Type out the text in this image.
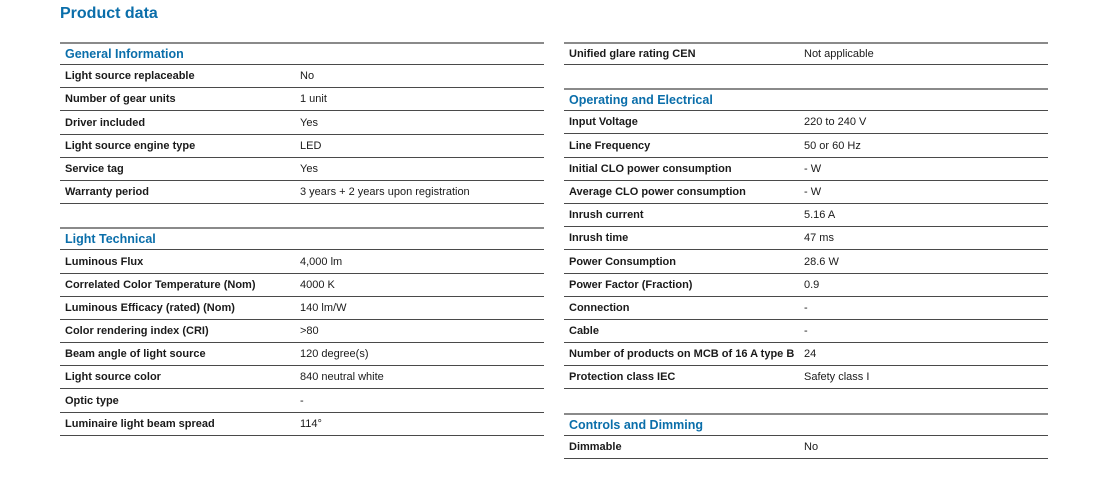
Product data
General Information
Light source replaceable	No
Number of gear units	1 unit
Driver included	Yes
Light source engine type	LED
Service tag	Yes
Warranty period	3 years + 2 years upon registration
Light Technical
Luminous Flux	4,000 lm
Correlated Color Temperature (Nom)	4000 K
Luminous Efficacy (rated) (Nom)	140 lm/W
Color rendering index (CRI)	>80
Beam angle of light source	120 degree(s)
Light source color	840 neutral white
Optic type	-
Luminaire light beam spread	114°
Unified glare rating CEN	Not applicable
Operating and Electrical
Input Voltage	220 to 240 V
Line Frequency	50 or 60 Hz
Initial CLO power consumption	- W
Average CLO power consumption	- W
Inrush current	5.16 A
Inrush time	47 ms
Power Consumption	28.6 W
Power Factor (Fraction)	0.9
Connection	-
Cable	-
Number of products on MCB of 16 A type B 24
Protection class IEC	Safety class I
Controls and Dimming
Dimmable	No
